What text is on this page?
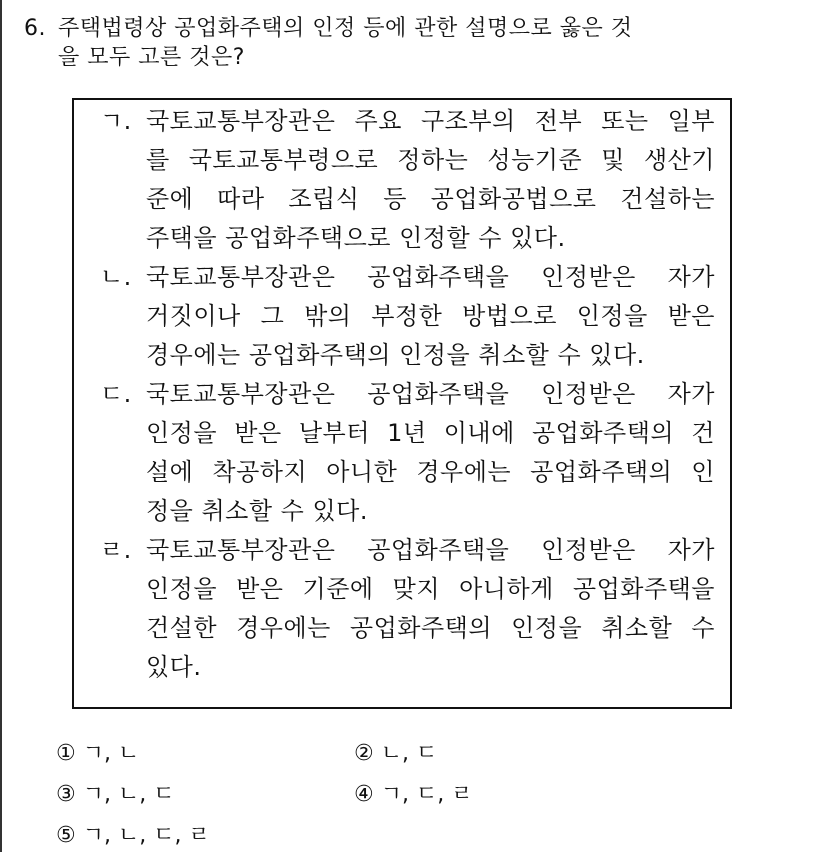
6. 주택법령상 공업화주택의 인정 등에 관한 설명으로 옳은 것
을 모두 고른 것은?
ㄱ. 국토교통부장관은 주요 구조부의 전부 또는 일부
를 국토교통부령으로 정하는 성능기준 및 생산기
준에 따라 조립식 등 공업화공법으로 건설하는
주택을 공업화주택으로 인정할 수 있다.
ㄴ. 국토교통부장관은 공업화주택을 인정받은 자가
거짓이나 그 밖의 부정한 방법으로 인정을 받은
경우에는 공업화주택의 인정을 취소할 수 있다.
ㄷ. 국토교통부장관은 공업화주택을 인정받은 자가
인정을 받은 날부터 1년 이내에 공업화주택의 건
설에 착공하지 아니한 경우에는 공업화주택의 인
정을 취소할 수 있다.
ㄹ. 국토교통부장관은 공업화주택을 인정받은 자가
인정을 받은 기준에 맞지 아니하게 공업화주택을
건설한 경우에는 공업화주택의 인정을 취소할 수
있다.
① ㄱ, ㄴ	② ㄴ, ㄷ
③ ㄱ, ㄴ, ㄷ	④ ㄱ, ㄷ, ㄹ
⑤ ㄱ, ㄴ, ㄷ, ㄹ
